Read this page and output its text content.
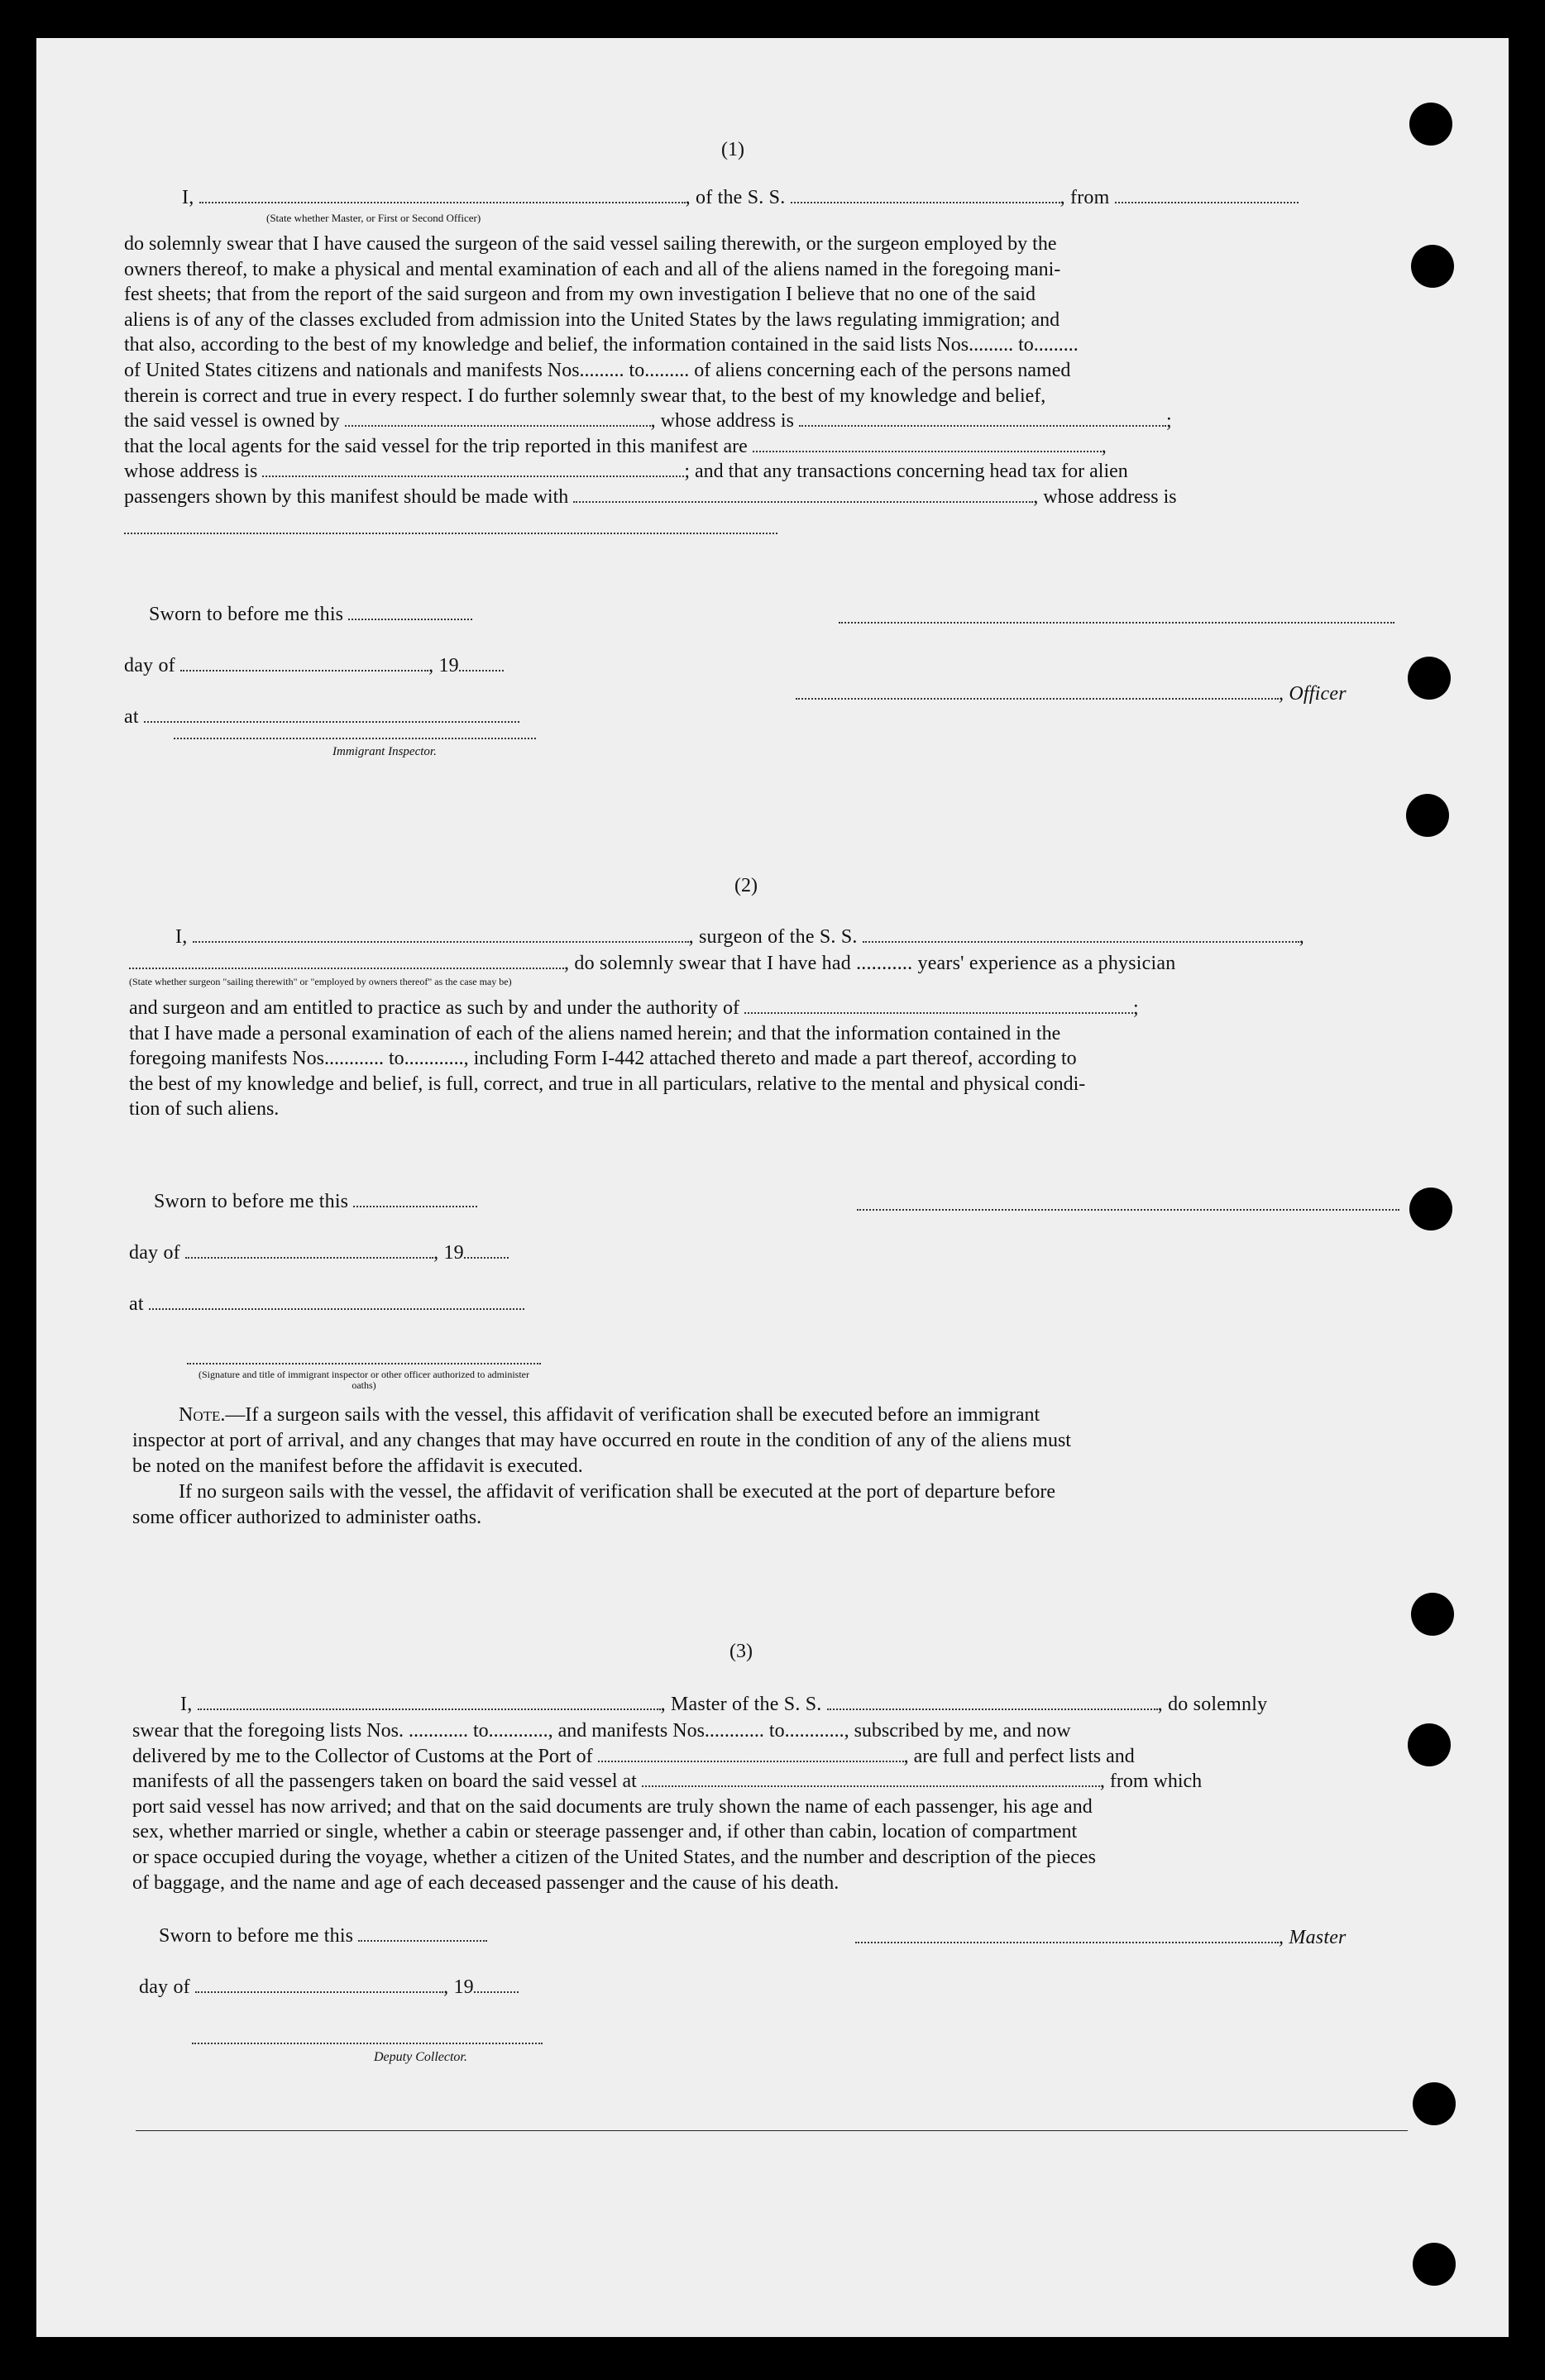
(1)
I,	, of the S. S.	, from
(State whether Master, or First or Second Officer)
do solemnly swear that I have caused the surgeon of the said vessel sailing therewith, or the surgeon employed by the
owners thereof, to make a physical and mental examination of each and all of the aliens named in the foregoing mani-
fest sheets; that from the report of the said surgeon and from my own investigation I believe that no one of the said
aliens is of any of the classes excluded from admission into the United States by the laws regulating immigration; and
that also, according to the best of my knowledge and belief, the information contained in the said lists Nos......... to.........
of United States citizens and nationals and manifests Nos......... to......... of aliens concerning each of the persons named
therein is correct and true in every respect. I do further solemnly swear that, to the best of my knowledge and belief,
the said vessel is owned by	, whose address is	;
that the local agents for the said vessel for the trip reported in this manifest are	,
whose address is	; and that any transactions concerning head tax for alien
passengers shown by this manifest should be made with	, whose address is
Sworn to before me this
day of	, 19
, Officer
at
Immigrant Inspector.
(2)
I,	, surgeon of the S. S.	,
, do solemnly swear that I have had ........... years' experience as a physician
(State whether surgeon "sailing therewith" or "employed by owners thereof" as the case may be)
and surgeon and am entitled to practice as such by and under the authority of	;
that I have made a personal examination of each of the aliens named herein; and that the information contained in the
foregoing manifests Nos............ to............, including Form I-442 attached thereto and made a part thereof, according to
the best of my knowledge and belief, is full, correct, and true in all particulars, relative to the mental and physical condi-
tion of such aliens.
Sworn to before me this
day of	, 19
at
(Signature and title of immigrant inspector or other officer authorized to administer oaths)
Note.—If a surgeon sails with the vessel, this affidavit of verification shall be executed before an immigrant
inspector at port of arrival, and any changes that may have occurred en route in the condition of any of the aliens must
be noted on the manifest before the affidavit is executed.
If no surgeon sails with the vessel, the affidavit of verification shall be executed at the port of departure before
some officer authorized to administer oaths.
(3)
I,	, Master of the S. S.	, do solemnly
swear that the foregoing lists Nos. ............ to............, and manifests Nos............ to............, subscribed by me, and now
delivered by me to the Collector of Customs at the Port of	, are full and perfect lists and
manifests of all the passengers taken on board the said vessel at	, from which
port said vessel has now arrived; and that on the said documents are truly shown the name of each passenger, his age and
sex, whether married or single, whether a cabin or steerage passenger and, if other than cabin, location of compartment
or space occupied during the voyage, whether a citizen of the United States, and the number and description of the pieces
of baggage, and the name and age of each deceased passenger and the cause of his death.
Sworn to before me this	, Master
day of	, 19
Deputy Collector.
